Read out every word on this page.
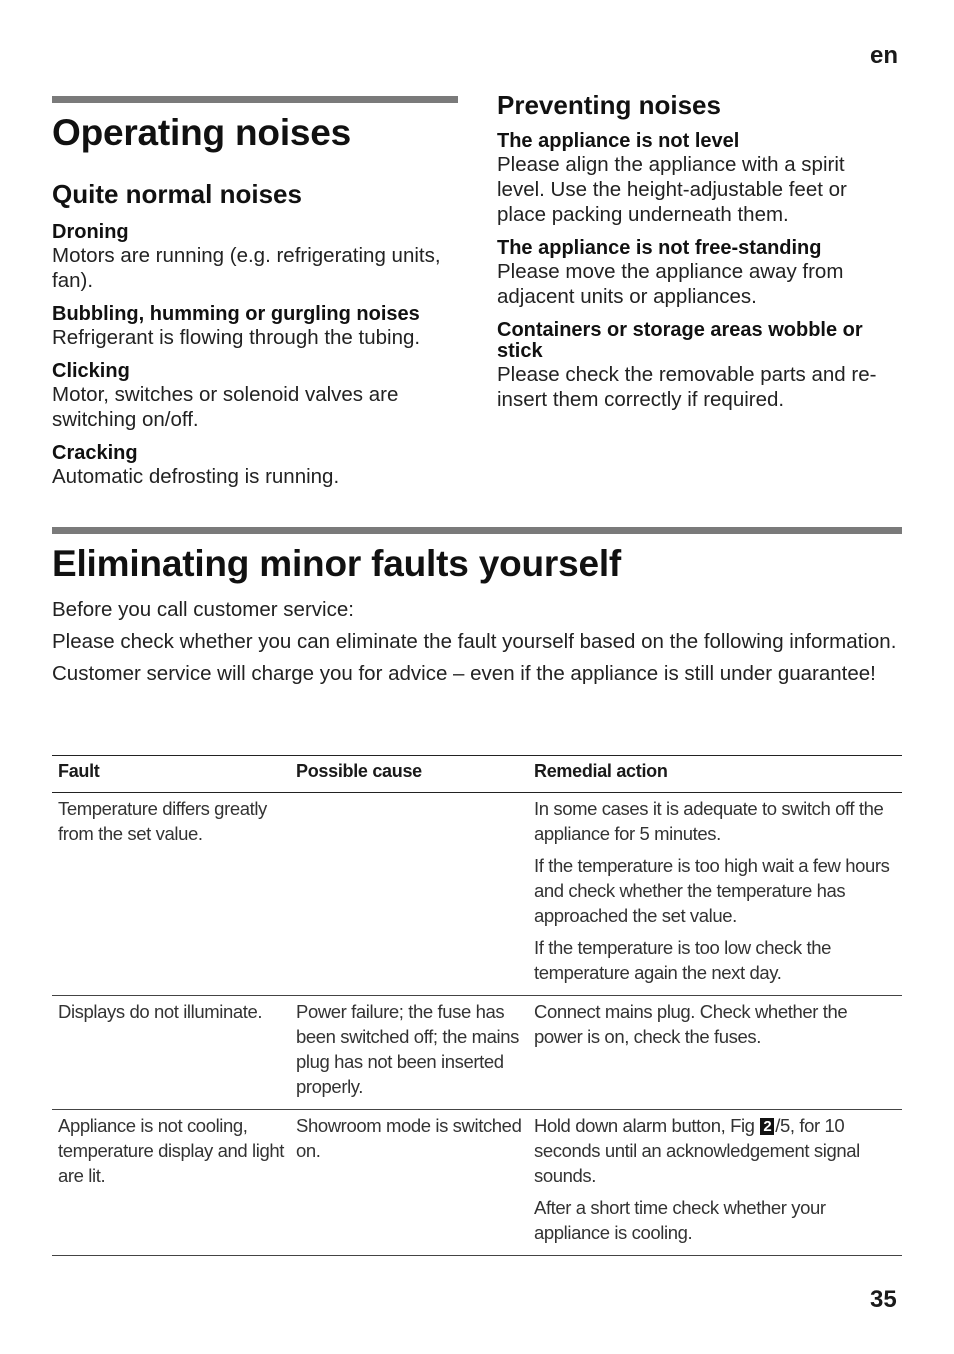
en
Operating noises
Quite normal noises
Droning
Motors are running (e.g. refrigerating units, fan).
Bubbling, humming or gurgling noises
Refrigerant is flowing through the tubing.
Clicking
Motor, switches or solenoid valves are switching on/off.
Cracking
Automatic defrosting is running.
Preventing noises
The appliance is not level
Please align the appliance with a spirit level. Use the height-adjustable feet or place packing underneath them.
The appliance is not free-standing
Please move the appliance away from adjacent units or appliances.
Containers or storage areas wobble or stick
Please check the removable parts and re-insert them correctly if required.
Eliminating minor faults yourself

Before you call customer service:

Please check whether you can eliminate the fault yourself based on the following information.

Customer service will charge you for advice – even if the appliance is still under guarantee!

Fault	Possible cause	Remedial action
Temperature differs greatly from the set value.		In some cases it is adequate to switch off the appliance for 5 minutes.

If the temperature is too high wait a few hours and check whether the temperature has approached the set value.

If the temperature is too low check the temperature again the next day.

Displays do not illuminate.	Power failure; the fuse has been switched off; the mains plug has not been inserted properly.	Connect mains plug. Check whether the power is on, check the fuses.

Appliance is not cooling, temperature display and light are lit.	Showroom mode is switched on.	Hold down alarm button, Fig 2 /5, for 10 seconds until an acknowledgement signal sounds.

After a short time check whether your appliance is cooling.

35
